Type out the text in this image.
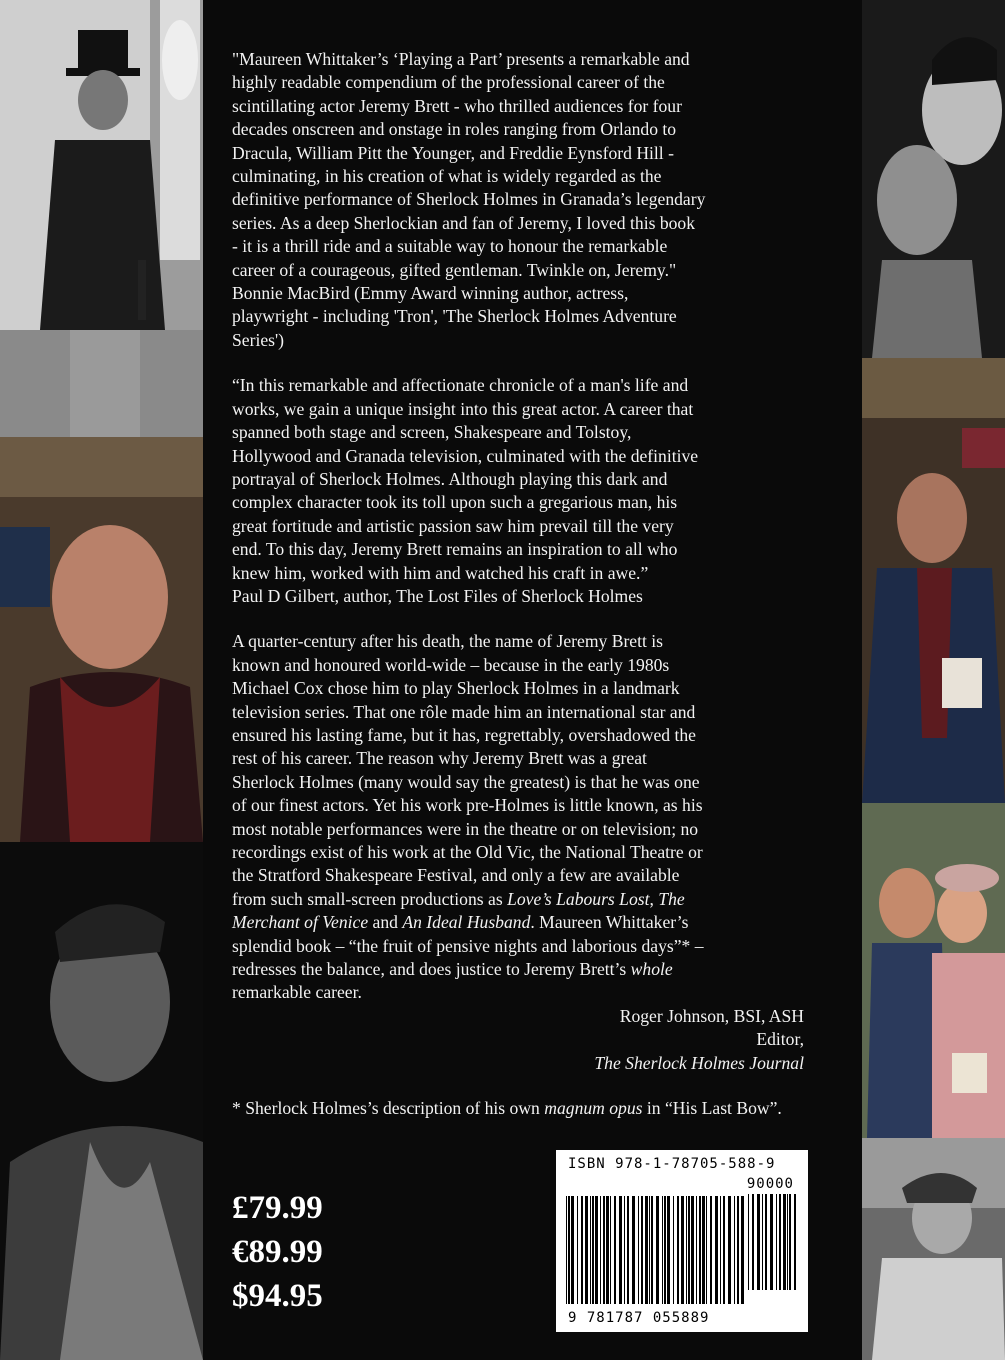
"Maureen Whittaker’s ‘Playing a Part’ presents a remarkable and
highly readable compendium of the professional career of the
scintillating actor Jeremy Brett - who thrilled audiences for four
decades onscreen and onstage in roles ranging from Orlando to
Dracula, William Pitt the Younger, and Freddie Eynsford Hill -
culminating, in his creation of what is widely regarded as the
definitive performance of Sherlock Holmes in Granada’s legendary
series. As a deep Sherlockian and fan of Jeremy, I loved this book
- it is a thrill ride and a suitable way to honour the remarkable
career of a courageous, gifted gentleman. Twinkle on, Jeremy."
Bonnie MacBird (Emmy Award winning author, actress,
playwright - including 'Tron', 'The Sherlock Holmes Adventure
Series')
“In this remarkable and affectionate chronicle of a man's life and
works, we gain a unique insight into this great actor. A career that
spanned both stage and screen, Shakespeare and Tolstoy,
Hollywood and Granada television, culminated with the definitive
portrayal of Sherlock Holmes. Although playing this dark and
complex character took its toll upon such a gregarious man, his
great fortitude and artistic passion saw him prevail till the very
end. To this day, Jeremy Brett remains an inspiration to all who
knew him, worked with him and watched his craft in awe.”
Paul D Gilbert, author, The Lost Files of Sherlock Holmes
A quarter-century after his death, the name of Jeremy Brett is
known and honoured world-wide – because in the early 1980s
Michael Cox chose him to play Sherlock Holmes in a landmark
television series. That one rôle made him an international star and
ensured his lasting fame, but it has, regrettably, overshadowed the
rest of his career. The reason why Jeremy Brett was a great
Sherlock Holmes (many would say the greatest) is that he was one
of our finest actors. Yet his work pre-Holmes is little known, as his
most notable performances were in the theatre or on television; no
recordings exist of his work at the Old Vic, the National Theatre or
the Stratford Shakespeare Festival, and only a few are available
from such small-screen productions as Love’s Labours Lost, The
Merchant of Venice and An Ideal Husband. Maureen Whittaker’s
splendid book – “the fruit of pensive nights and laborious days”* –
redresses the balance, and does justice to Jeremy Brett’s whole
remarkable career.
Roger Johnson, BSI, ASH
Editor,
The Sherlock Holmes Journal
* Sherlock Holmes’s description of his own magnum opus in “His Last Bow”.
£79.99
€89.99
$94.95
ISBN 978-1-78705-588-9
90000
9 781787 055889
